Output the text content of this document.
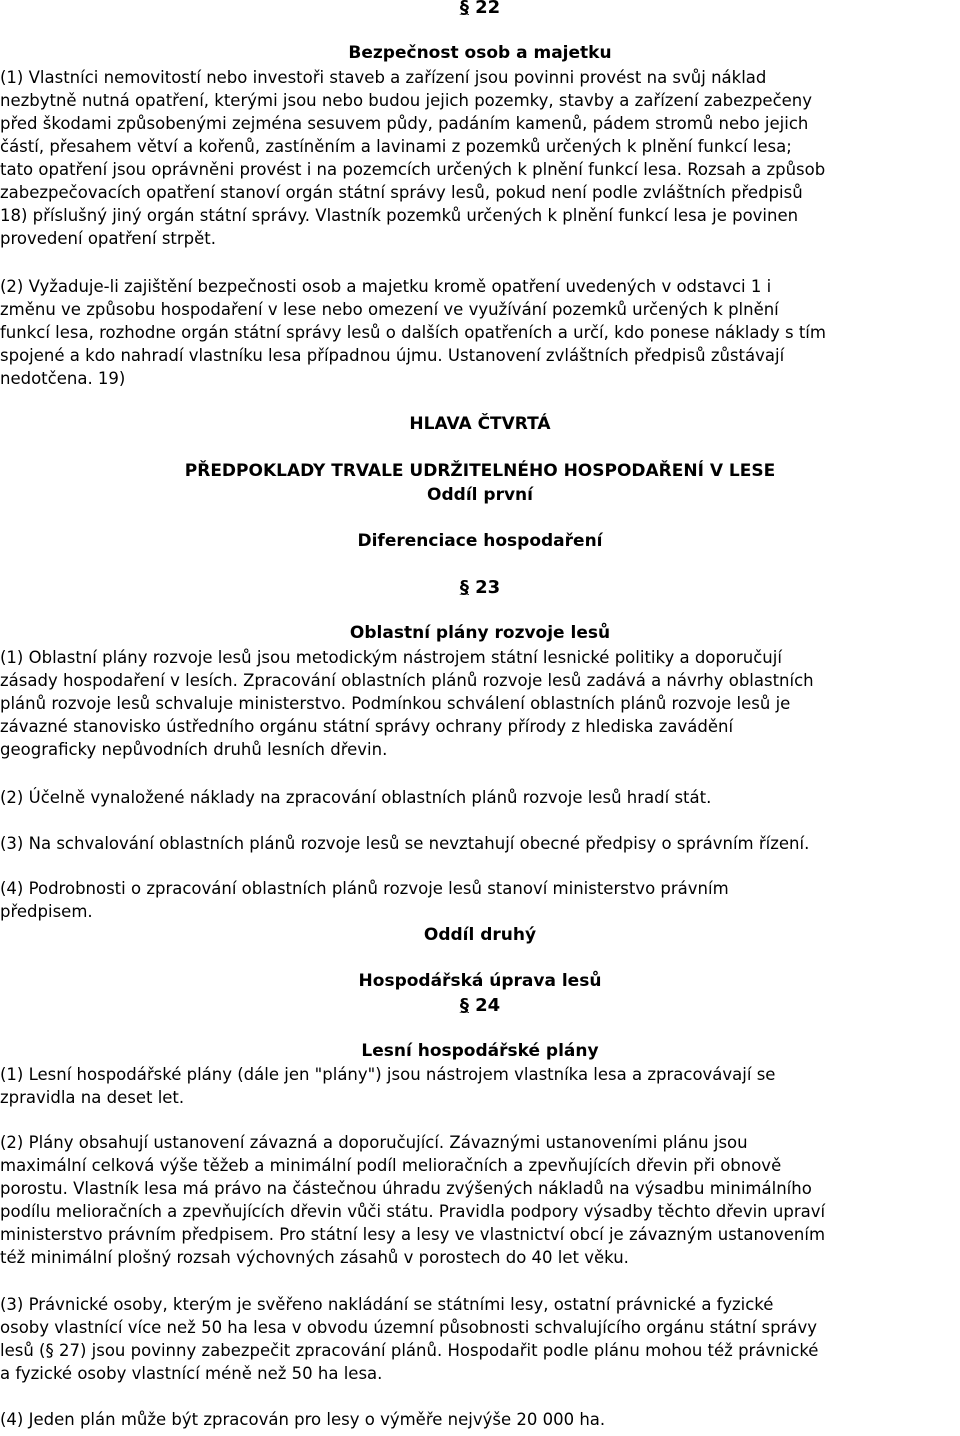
§ 22
Bezpečnost osob a majetku
(1) Vlastníci nemovitostí nebo investoři staveb a zařízení jsou povinni provést na svůj náklad
nezbytně nutná opatření, kterými jsou nebo budou jejich pozemky, stavby a zařízení zabezpečeny
před škodami způsobenými zejména sesuvem půdy, padáním kamenů, pádem stromů nebo jejich
částí, přesahem větví a kořenů, zastíněním a lavinami z pozemků určených k plnění funkcí lesa;
tato opatření jsou oprávněni provést i na pozemcích určených k plnění funkcí lesa. Rozsah a způsob
zabezpečovacích opatření stanoví orgán státní správy lesů, pokud není podle zvláštních předpisů
18) příslušný jiný orgán státní správy. Vlastník pozemků určených k plnění funkcí lesa je povinen
provedení opatření strpět.
(2) Vyžaduje-li zajištění bezpečnosti osob a majetku kromě opatření uvedených v odstavci 1 i
změnu ve způsobu hospodaření v lese nebo omezení ve využívání pozemků určených k plnění
funkcí lesa, rozhodne orgán státní správy lesů o dalších opatřeních a určí, kdo ponese náklady s tím
spojené a kdo nahradí vlastníku lesa případnou újmu. Ustanovení zvláštních předpisů zůstávají
nedotčena. 19)
HLAVA ČTVRTÁ
PŘEDPOKLADY TRVALE UDRŽITELNÉHO HOSPODAŘENÍ V LESE
Oddíl první
Diferenciace hospodaření
§ 23
Oblastní plány rozvoje lesů
(1) Oblastní plány rozvoje lesů jsou metodickým nástrojem státní lesnické politiky a doporučují
zásady hospodaření v lesích. Zpracování oblastních plánů rozvoje lesů zadává a návrhy oblastních
plánů rozvoje lesů schvaluje ministerstvo. Podmínkou schválení oblastních plánů rozvoje lesů je
závazné stanovisko ústředního orgánu státní správy ochrany přírody z hlediska zavádění
geograficky nepůvodních druhů lesních dřevin.
(2) Účelně vynaložené náklady na zpracování oblastních plánů rozvoje lesů hradí stát.
(3) Na schvalování oblastních plánů rozvoje lesů se nevztahují obecné předpisy o správním řízení.
(4) Podrobnosti o zpracování oblastních plánů rozvoje lesů stanoví ministerstvo právním
předpisem.
Oddíl druhý
Hospodářská úprava lesů
§ 24
Lesní hospodářské plány
(1) Lesní hospodářské plány (dále jen "plány") jsou nástrojem vlastníka lesa a zpracovávají se
zpravidla na deset let.
(2) Plány obsahují ustanovení závazná a doporučující. Závaznými ustanoveními plánu jsou
maximální celková výše těžeb a minimální podíl melioračních a zpevňujících dřevin při obnově
porostu. Vlastník lesa má právo na částečnou úhradu zvýšených nákladů na výsadbu minimálního
podílu melioračních a zpevňujících dřevin vůči státu. Pravidla podpory výsadby těchto dřevin upraví
ministerstvo právním předpisem. Pro státní lesy a lesy ve vlastnictví obcí je závazným ustanovením
též minimální plošný rozsah výchovných zásahů v porostech do 40 let věku.
(3) Právnické osoby, kterým je svěřeno nakládání se státními lesy, ostatní právnické a fyzické
osoby vlastnící více než 50 ha lesa v obvodu územní působnosti schvalujícího orgánu státní správy
lesů (§ 27) jsou povinny zabezpečit zpracování plánů. Hospodařit podle plánu mohou též právnické
a fyzické osoby vlastnící méně než 50 ha lesa.
(4) Jeden plán může být zpracován pro lesy o výměře nejvýše 20 000 ha.
